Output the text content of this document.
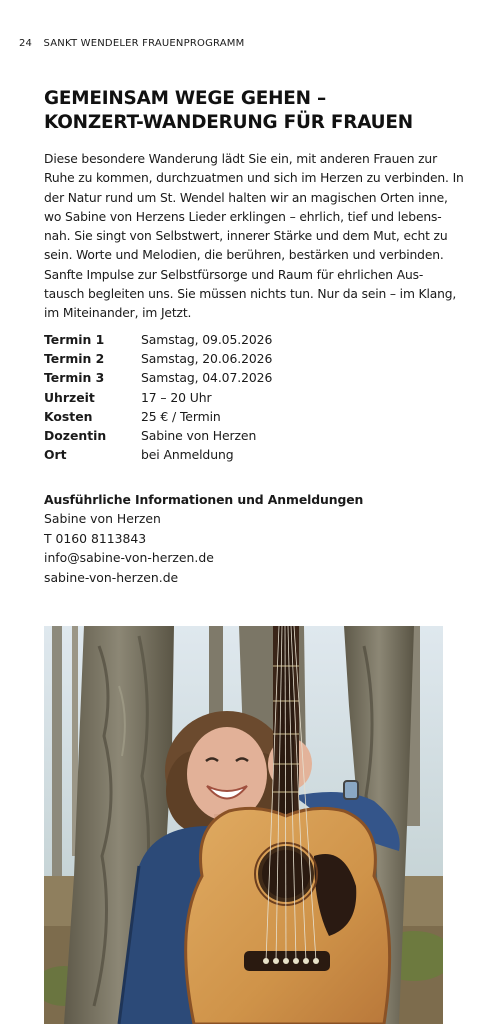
24 SANKT WENDELER FRAUENPROGRAMM
GEMEINSAM WEGE GEHEN –
KONZERT-WANDERUNG FÜR FRAUEN
Diese besondere Wanderung lädt Sie ein, mit anderen Frauen zur
Ruhe zu kommen, durchzuatmen und sich im Herzen zu verbinden. In
der Natur rund um St. Wendel halten wir an magischen Orten inne,
wo Sabine von Herzens Lieder erklingen – ehrlich, tief und lebens-
nah. Sie singt von Selbstwert, innerer Stärke und dem Mut, echt zu
sein. Worte und Melodien, die berühren, bestärken und verbinden.
Sanfte Impulse zur Selbstfürsorge und Raum für ehrlichen Aus-
tausch begleiten uns. Sie müssen nichts tun. Nur da sein – im Klang,
im Miteinander, im Jetzt.
Termin 1	Samstag, 09.05.2026
Termin 2	Samstag, 20.06.2026
Termin 3	Samstag, 04.07.2026
Uhrzeit	17 – 20 Uhr
Kosten	25 € / Termin
Dozentin	Sabine von Herzen
Ort	bei Anmeldung
Ausführliche Informationen und Anmeldungen
Sabine von Herzen
T 0160 8113843
info@sabine-von-herzen.de
sabine-von-herzen.de
